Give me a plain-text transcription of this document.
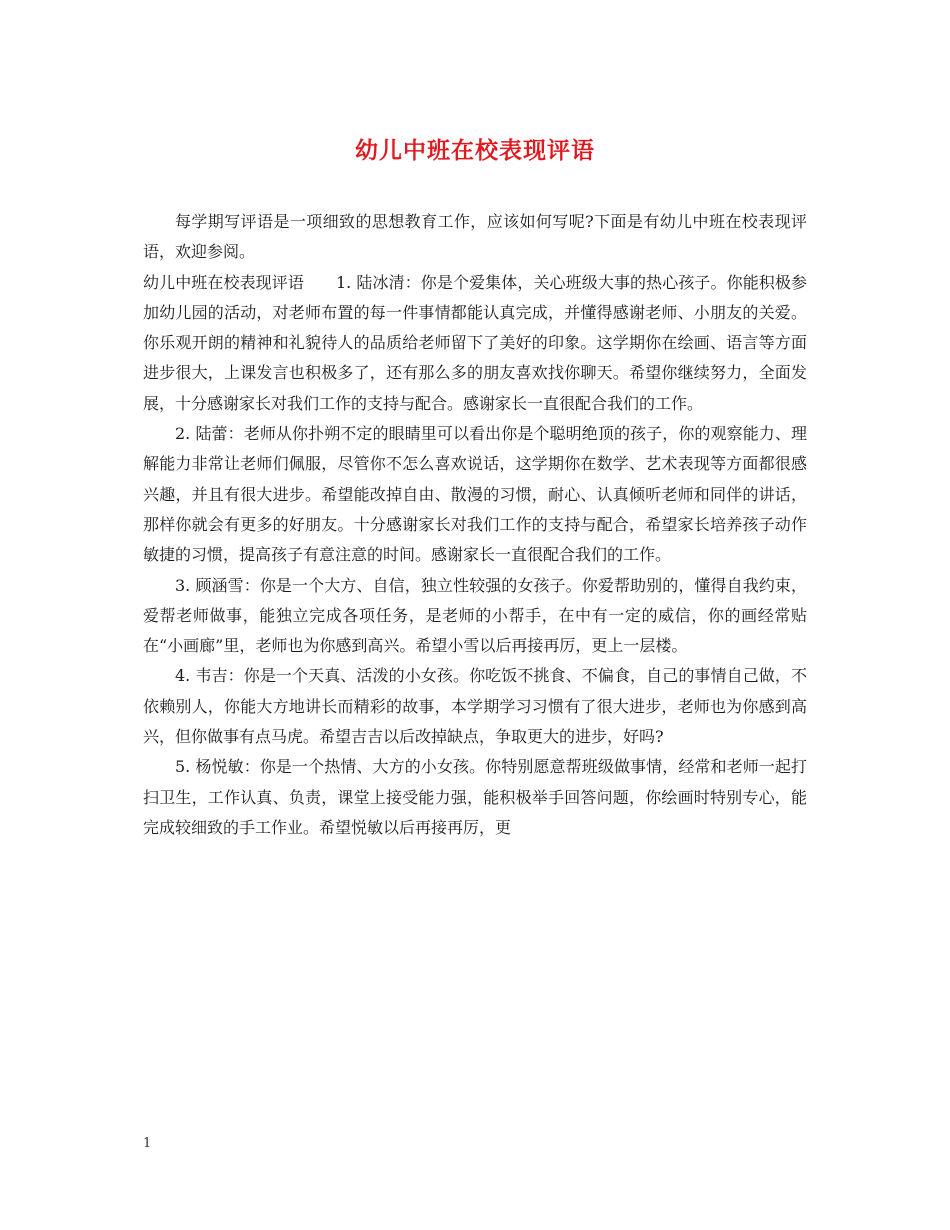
幼儿中班在校表现评语

每学期写评语是一项细致的思想教育工作，应该如何写呢?下面是有幼儿中班在校表现评语，欢迎参阅。

幼儿中班在校表现评语 1. 陆冰清：你是个爱集体，关心班级大事的热心孩子。你能积极参加幼儿园的活动，对老师布置的每一件事情都能认真完成，并懂得感谢老师、小朋友的关爱。你乐观开朗的精神和礼貌待人的品质给老师留下了美好的印象。这学期你在绘画、语言等方面进步很大，上课发言也积极多了，还有那么多的朋友喜欢找你聊天。希望你继续努力，全面发展，十分感谢家长对我们工作的支持与配合。感谢家长一直很配合我们的工作。

2. 陆蕾：老师从你扑朔不定的眼睛里可以看出你是个聪明绝顶的孩子，你的观察能力、理解能力非常让老师们佩服，尽管你不怎么喜欢说话，这学期你在数学、艺术表现等方面都很感兴趣，并且有很大进步。希望能改掉自由、散漫的习惯，耐心、认真倾听老师和同伴的讲话，那样你就会有更多的好朋友。十分感谢家长对我们工作的支持与配合，希望家长培养孩子动作敏捷的习惯，提高孩子有意注意的时间。感谢家长一直很配合我们的工作。

3. 顾涵雪：你是一个大方、自信，独立性较强的女孩子。你爱帮助别的，懂得自我约束，爱帮老师做事，能独立完成各项任务，是老师的小帮手，在中有一定的威信，你的画经常贴在“小画廊”里，老师也为你感到高兴。希望小雪以后再接再厉，更上一层楼。

4. 韦吉：你是一个天真、活泼的小女孩。你吃饭不挑食、不偏食，自己的事情自己做，不依赖别人，你能大方地讲长而精彩的故事，本学期学习习惯有了很大进步，老师也为你感到高兴，但你做事有点马虎。希望吉吉以后改掉缺点，争取更大的进步，好吗?

5. 杨悦敏：你是一个热情、大方的小女孩。你特别愿意帮班级做事情，经常和老师一起打扫卫生，工作认真、负责，课堂上接受能力强，能积极举手回答问题，你绘画时特别专心，能完成较细致的手工作业。希望悦敏以后再接再厉，更

1
